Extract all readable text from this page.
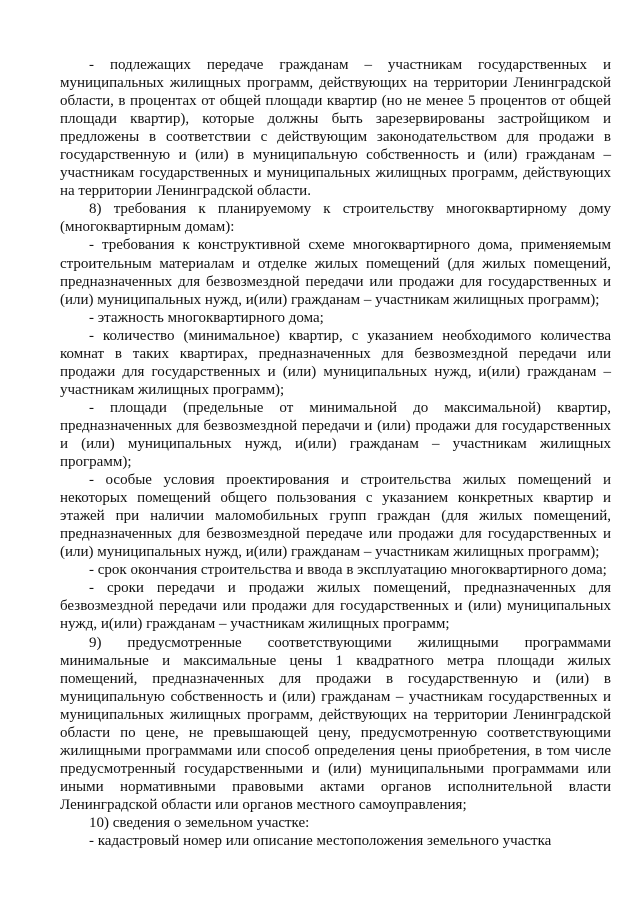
- подлежащих передаче гражданам – участникам государственных и муниципальных жилищных программ, действующих на территории Ленинградской области, в процентах от общей площади квартир (но не менее 5 процентов от общей площади квартир), которые должны быть зарезервированы застройщиком и предложены в соответствии с действующим законодательством для продажи в государственную и (или) в муниципальную собственность и (или) гражданам – участникам государственных и муниципальных жилищных программ, действующих на территории Ленинградской области.

8) требования к планируемому к строительству многоквартирному дому (многоквартирным домам):

- требования к конструктивной схеме многоквартирного дома, применяемым строительным материалам и отделке жилых помещений (для жилых помещений, предназначенных для безвозмездной передачи или продажи для государственных и (или) муниципальных нужд, и(или) гражданам – участникам жилищных программ);

- этажность многоквартирного дома;

- количество (минимальное) квартир, с указанием необходимого количества комнат в таких квартирах, предназначенных для безвозмездной передачи или продажи для государственных и (или) муниципальных нужд, и(или) гражданам – участникам жилищных программ);

- площади (предельные от минимальной до максимальной) квартир, предназначенных для безвозмездной передачи и (или) продажи для государственных и (или) муниципальных нужд, и(или) гражданам – участникам жилищных программ);

- особые условия проектирования и строительства жилых помещений и некоторых помещений общего пользования с указанием конкретных квартир и этажей при наличии маломобильных групп граждан (для жилых помещений, предназначенных для безвозмездной передаче или продажи для государственных и (или) муниципальных нужд, и(или) гражданам – участникам жилищных программ);

- срок окончания строительства и ввода в эксплуатацию многоквартирного дома;

- сроки передачи и продажи жилых помещений, предназначенных для безвозмездной передачи или продажи для государственных и (или) муниципальных нужд, и(или) гражданам – участникам жилищных программ;

9) предусмотренные соответствующими жилищными программами минимальные и максимальные цены 1 квадратного метра площади жилых помещений, предназначенных для продажи в государственную и (или) в муниципальную собственность и (или) гражданам – участникам государственных и муниципальных жилищных программ, действующих на территории Ленинградской области по цене, не превышающей цену, предусмотренную соответствующими жилищными программами или способ определения цены приобретения, в том числе предусмотренный государственными и (или) муниципальными программами или иными нормативными правовыми актами органов исполнительной власти Ленинградской области или органов местного самоуправления;

10) сведения о земельном участке:

- кадастровый номер или описание местоположения земельного участка
